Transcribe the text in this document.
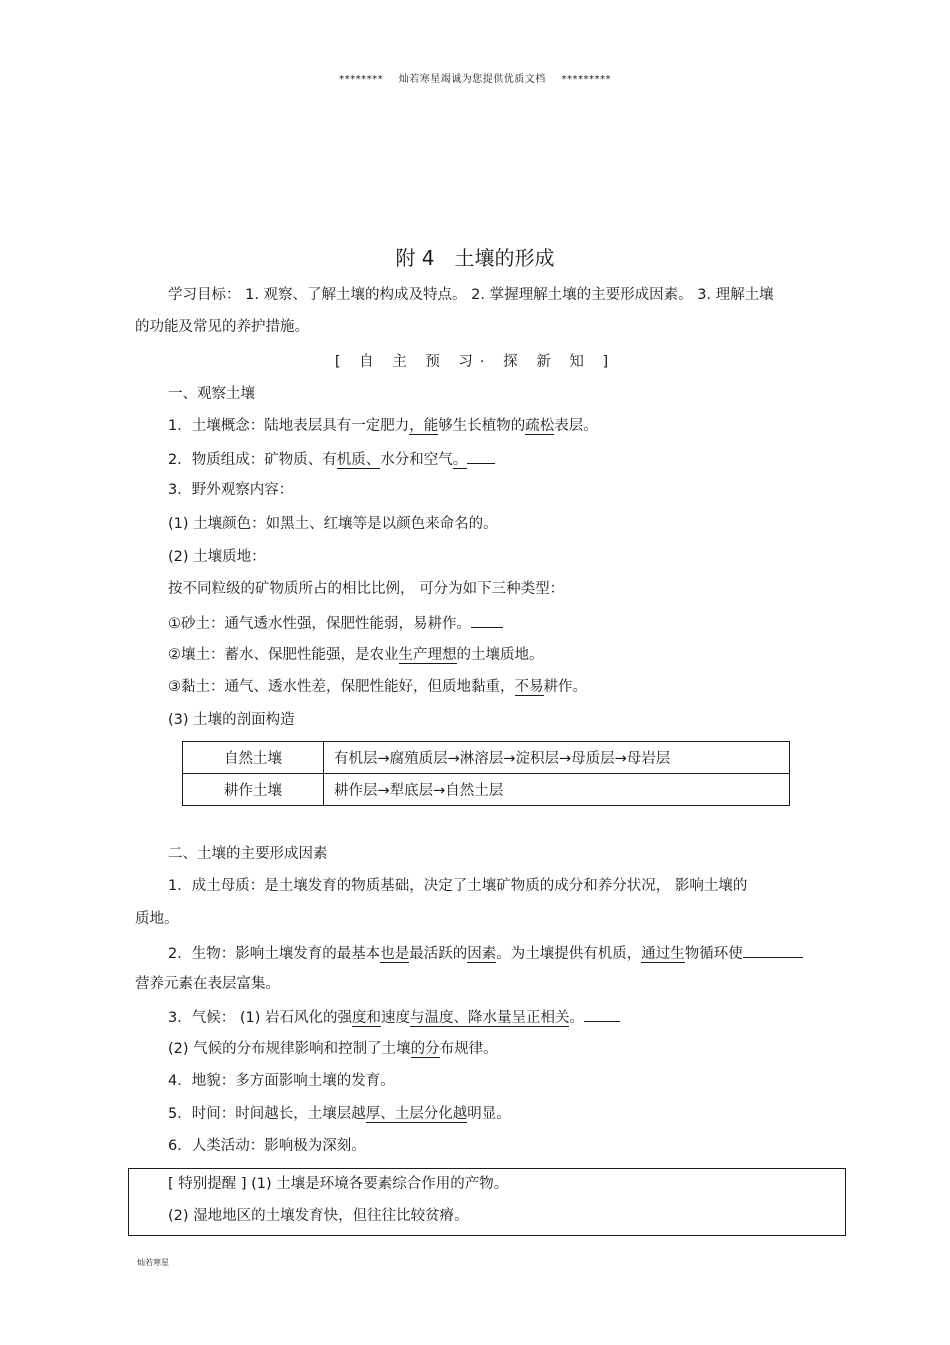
******** 灿若寒星竭诚为您提供优质文档 *********
附 4　土壤的形成
学习目标： 1. 观察、了解土壤的构成及特点。 2. 掌握理解土壤的主要形成因素。 3. 理解土壤
的功能及常见的养护措施。
[ 自 主 预 习· 探 新 知 ]
一、观察土壤
1．土壤概念：陆地表层具有一定肥力，能够生长植物的疏松表层。
2．物质组成：矿物质、有机质、水分和空气。
3．野外观察内容：
(1) 土壤颜色：如黑土、红壤等是以颜色来命名的。
(2) 土壤质地：
按不同粒级的矿物质所占的相比比例， 可分为如下三种类型：
①砂土：通气透水性强，保肥性能弱，易耕作。
②壤土：蓄水、保肥性能强，是农业生产理想的土壤质地。
③黏土：通气、透水性差，保肥性能好，但质地黏重，不易耕作。
(3) 土壤的剖面构造
自然土壤	有机层→腐殖质层→淋溶层→淀积层→母质层→母岩层
耕作土壤	耕作层→犁底层→自然土层
二、土壤的主要形成因素
1．成土母质：是土壤发育的物质基础，决定了土壤矿物质的成分和养分状况， 影响土壤的
质地。
2．生物：影响土壤发育的最基本也是最活跃的因素。为土壤提供有机质，通过生物循环使
营养元素在表层富集。
3．气候： (1) 岩石风化的强度和速度与温度、降水量呈正相关。
(2) 气候的分布规律影响和控制了土壤的分布规律。
4．地貌：多方面影响土壤的发育。
5．时间：时间越长，土壤层越厚、土层分化越明显。
6．人类活动：影响极为深刻。
[ 特别提醒 ] (1) 土壤是环境各要素综合作用的产物。
(2) 湿地地区的土壤发育快，但往往比较贫瘠。
灿若寒星
